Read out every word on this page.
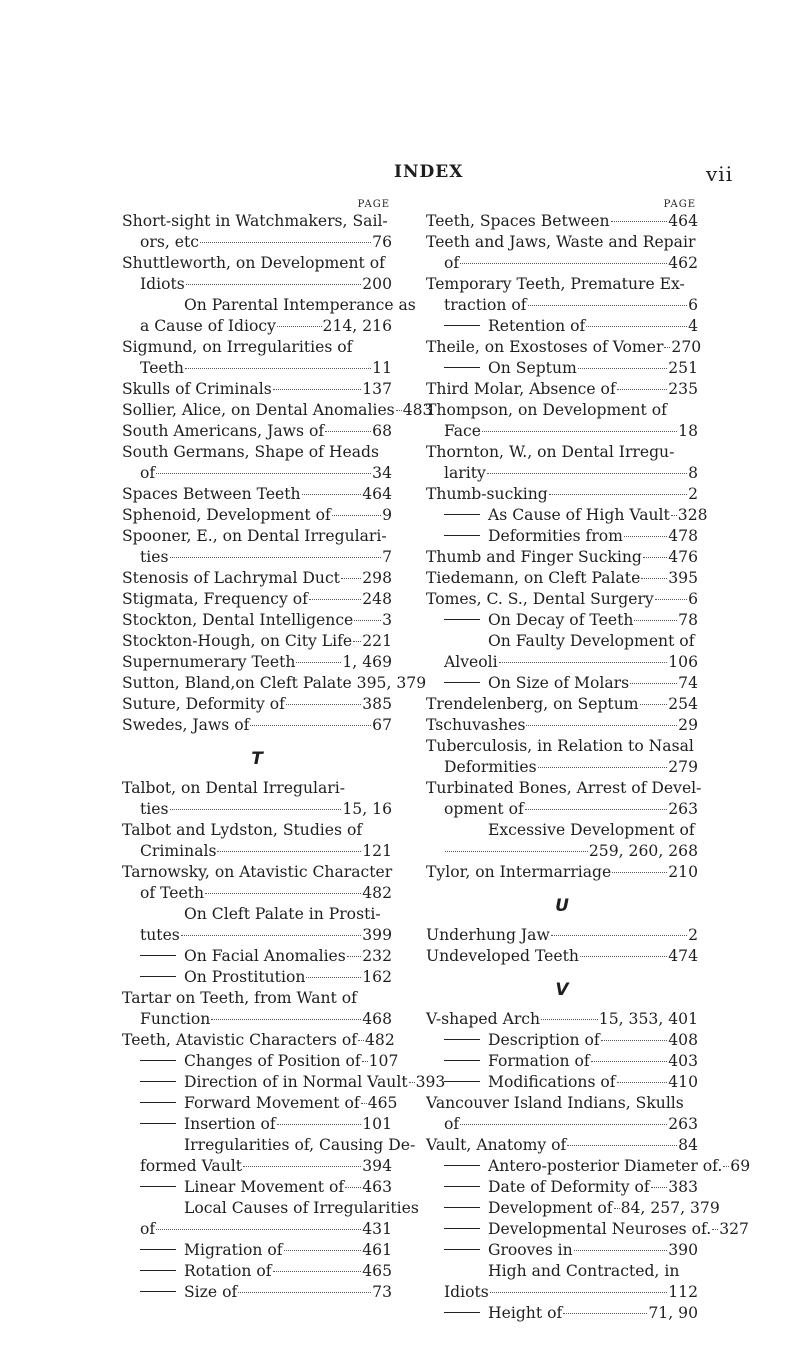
INDEX	vii
PAGE
Short-sight in Watchmakers, Sail-
ors, etc	76
Shuttleworth, on Development of
Idiots	200
On Parental Intemperance as
a Cause of Idiocy	214, 216
Sigmund, on Irregularities of
Teeth	11
Skulls of Criminals	137
Sollier, Alice, on Dental Anomalies 483
South Americans, Jaws of	68
South Germans, Shape of Heads
of	34
Spaces Between Teeth	464
Sphenoid, Development of	9
Spooner, E., on Dental Irregulari-
ties	7
Stenosis of Lachrymal Duct 298
Stigmata, Frequency of	248
Stockton, Dental Intelligence 3
Stockton-Hough, on City Life 221
Supernumerary Teeth	1, 469
Sutton, Bland,on Cleft Palate 395, 379
Suture, Deformity of	385
Swedes, Jaws of	67
T
Talbot, on Dental Irregulari-
ties	15, 16
Talbot and Lydston, Studies of
Criminals	121
Tarnowsky, on Atavistic Character
of Teeth	482
On Cleft Palate in Prosti-
tutes	399
On Facial Anomalies 232
On Prostitution	162
Tartar on Teeth, from Want of
Function	468
Teeth, Atavistic Characters of 482
Changes of Position of 107
Direction of in Normal Vault 393
Forward Movement of 465
Insertion of	101
Irregularities of, Causing De-
formed Vault	394
Linear Movement of 463
Local Causes of Irregularities
of	431
Migration of	461
Rotation of	465
Size of	73
PAGE
Teeth, Spaces Between	464
Teeth and Jaws, Waste and Repair
of	462
Temporary Teeth, Premature Ex-
traction of	6
Retention of	4
Theile, on Exostoses of Vomer 270
On Septum	251
Third Molar, Absence of	235
Thompson, on Development of
Face	18
Thornton, W., on Dental Irregu-
larity	8
Thumb-sucking	2
As Cause of High Vault 328
Deformities from	478
Thumb and Finger Sucking 476
Tiedemann, on Cleft Palate 395
Tomes, C. S., Dental Surgery 6
On Decay of Teeth	78
On Faulty Development of
Alveoli	106
On Size of Molars	74
Trendelenberg, on Septum 254
Tschuvashes	29
Tuberculosis, in Relation to Nasal
Deformities	279
Turbinated Bones, Arrest of Devel-
opment of	263
Excessive Development of
259, 260, 268
Tylor, on Intermarriage	210
U
Underhung Jaw	2
Undeveloped Teeth	474
V
V-shaped Arch	15, 353, 401
Description of	408
Formation of	403
Modifications of	410
Vancouver Island Indians, Skulls
of	263
Vault, Anatomy of	84
Antero-posterior Diameter of. 69
Date of Deformity of 383
Development of 84, 257, 379
Developmental Neuroses of. 327
Grooves in	390
High and Contracted, in
Idiots	112
Height of	71, 90
